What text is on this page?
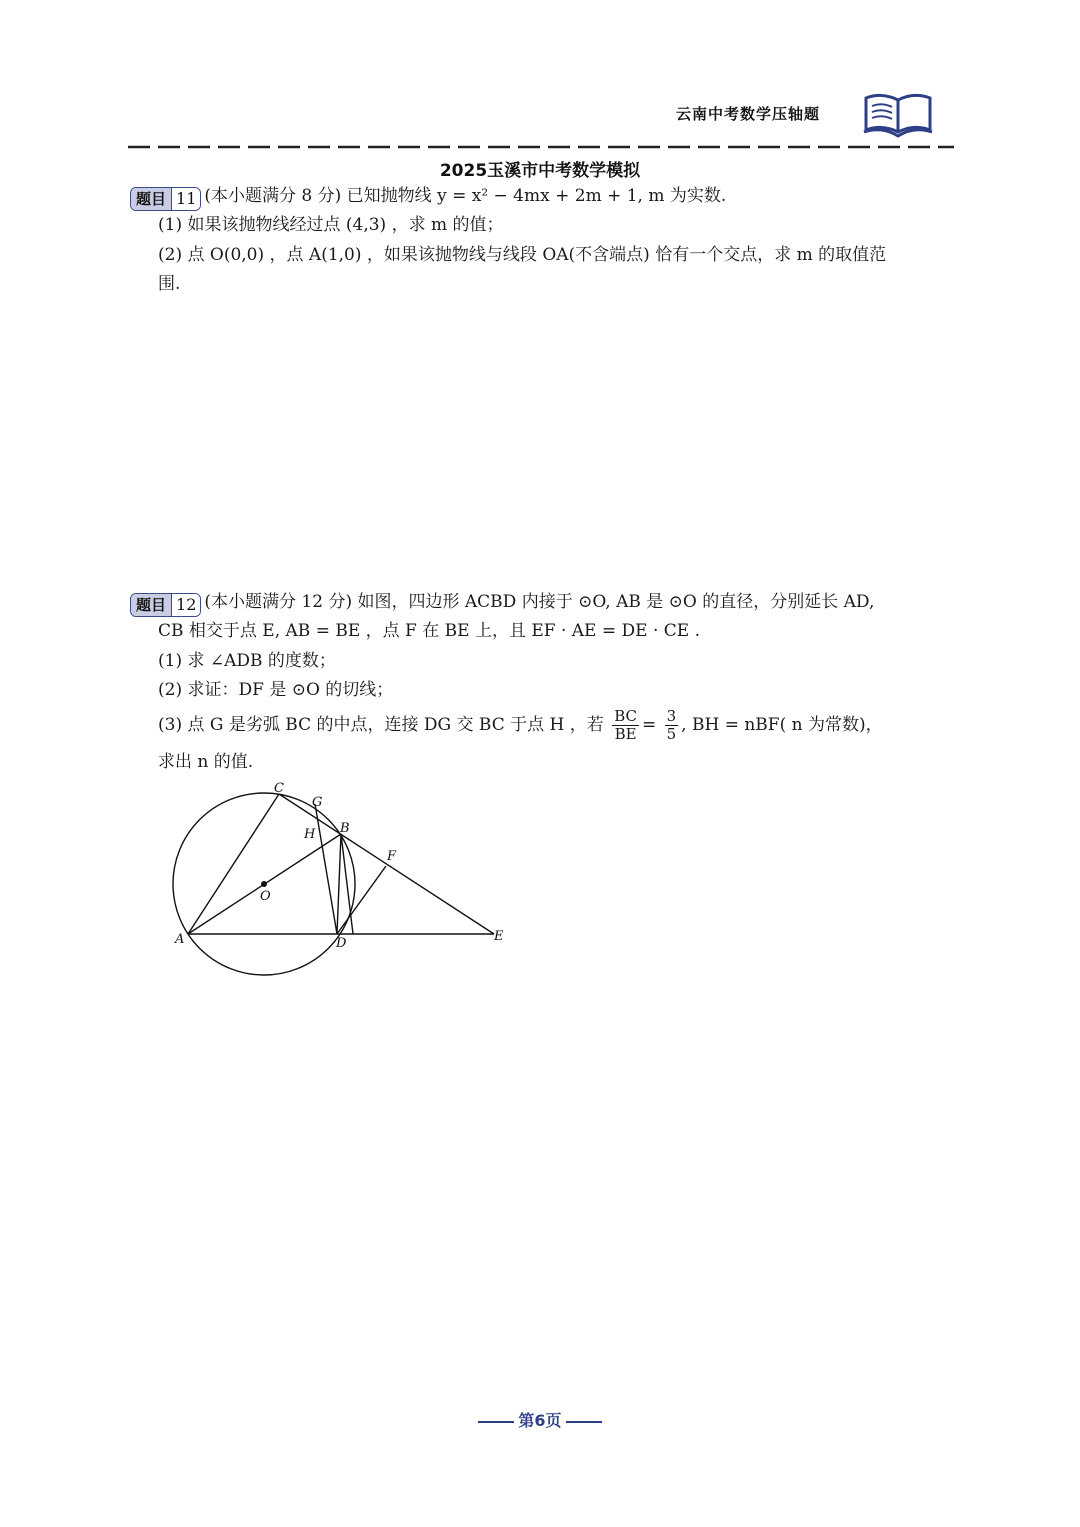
云南中考数学压轴题
2025玉溪市中考数学模拟
题目 11 (本小题满分 8 分) 已知抛物线 y = x² − 4mx + 2m + 1, m 为实数.
(1) 如果该抛物线经过点 (4,3) ，求 m 的值；
(2) 点 O(0,0) ，点 A(1,0) ，如果该抛物线与线段 OA(不含端点) 恰有一个交点，求 m 的取值范
围.
题目 12 (本小题满分 12 分) 如图，四边形 ACBD 内接于 ⊙O, AB 是 ⊙O 的直径，分别延长 AD,
CB 相交于点 E, AB = BE ，点 F 在 BE 上，且 EF · AE = DE · CE .
(1) 求 ∠ADB 的度数；
(2) 求证：DF 是 ⊙O 的切线；
(3) 点 G 是劣弧 BC 的中点，连接 DG 交 BC 于点 H ，若 $\frac{BC}{BE} = \frac{3}{5}$ , BH = nBF( n 为常数)，
求出 n 的值.
C
G
H B
F
O
A	D	E
第6页
